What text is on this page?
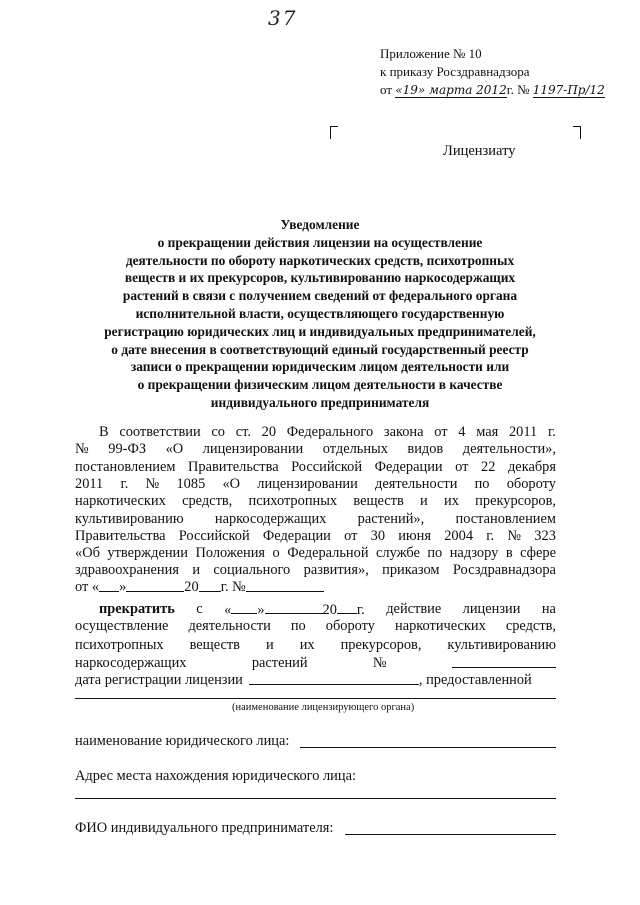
37
Приложение № 10
к приказу Росздравнадзора
от «19» марта 2012г. № 1197-Пр/12
Лицензиату
Уведомление
о прекращении действия лицензии на осуществление
деятельности по обороту наркотических средств, психотропных
веществ и их прекурсоров, культивированию наркосодержащих
растений в связи с получением сведений от федерального органа
исполнительной власти, осуществляющего государственную
регистрацию юридических лиц и индивидуальных предпринимателей,
о дате внесения в соответствующий единый государственный реестр
записи о прекращении юридическим лицом деятельности или
о прекращении физическим лицом деятельности в качестве
индивидуального предпринимателя
В соответствии со ст. 20 Федерального закона от 4 мая 2011 г.
№ 99-ФЗ «О лицензировании отдельных видов деятельности»,
постановлением Правительства Российской Федерации от 22 декабря
2011 г. № 1085 «О лицензировании деятельности по обороту
наркотических средств, психотропных веществ и их прекурсоров,
культивированию наркосодержащих растений», постановлением
Правительства Российской Федерации от 30 июня 2004 г. № 323
«Об утверждении Положения о Федеральной службе по надзору в сфере
здравоохранения и социального развития», приказом Росздравнадзора
от « »	20 г. №
прекратить с « »	20 г. действие лицензии на
осуществление деятельности по обороту наркотических средств,
психотропных веществ и их прекурсоров, культивированию
наркосодержащих	растений	№
дата регистрации лицензии	, предоставленной
(наименование лицензирующего органа)
наименование юридического лица:
Адрес места нахождения юридического лица:
ФИО индивидуального предпринимателя:
